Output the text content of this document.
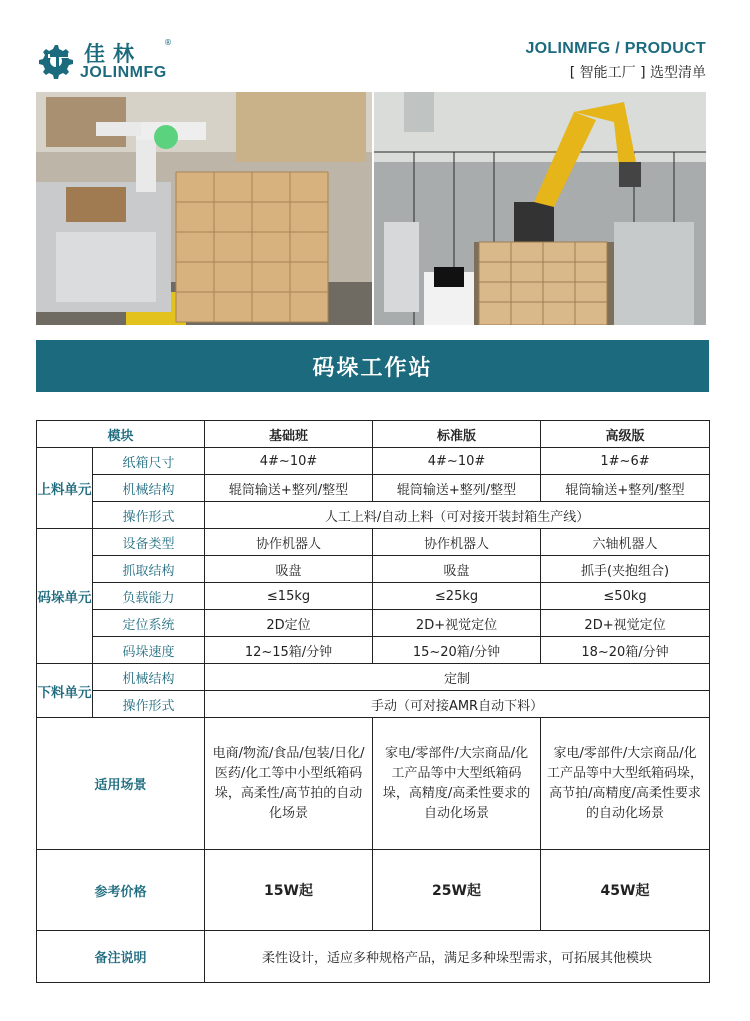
佳林	®
JOLINMFG
JOLINMFG / PRODUCT
[ 智能工厂 ] 选型清单
码垛工作站
模块		基础班	标准版	高级版
上料单元	纸箱尺寸	4#~10#	4#~10#	1#~6#
	机械结构	辊筒输送+整列/整型	辊筒输送+整列/整型	辊筒输送+整列/整型
	操作形式	人工上料/自动上料（可对接开装封箱生产线）		
码垛单元	设备类型	协作机器人	协作机器人	六轴机器人
	抓取结构	吸盘	吸盘	抓手(夹抱组合)
	负载能力	≤15kg	≤25kg	≤50kg
	定位系统	2D定位	2D+视觉定位	2D+视觉定位
	码垛速度	12~15箱/分钟	15~20箱/分钟	18~20箱/分钟
下料单元	机械结构	定制		
	操作形式	手动（可对接AMR自动下料）		
适用场景		电商/物流/食品/包装/日化/医药/化工等中小型纸箱码垛，高柔性/高节拍的自动化场景	家电/零部件/大宗商品/化工产品等中大型纸箱码垛，高精度/高柔性要求的自动化场景	家电/零部件/大宗商品/化工产品等中大型纸箱码垛，高节拍/高精度/高柔性要求的自动化场景

参考价格		15W起	25W起	45W起
备注说明		柔性设计，适应多种规格产品，满足多种垛型需求，可拓展其他模块		
